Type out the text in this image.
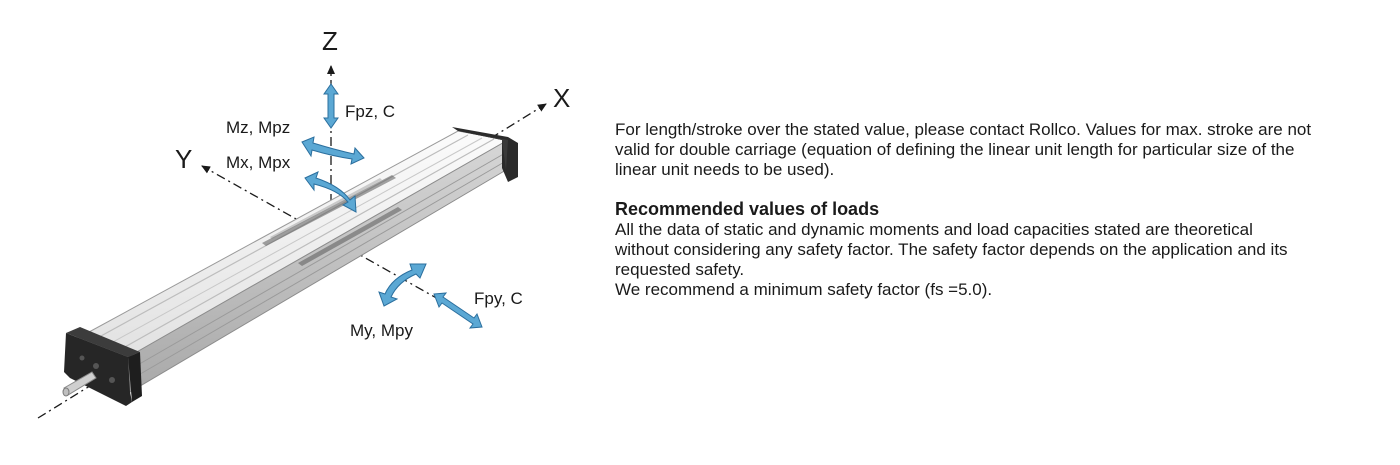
Z
X
Y
Fpz, C
Mz, Mpz
Mx, Mpx
Fpy, C
My, Mpy

For length/stroke over the stated value, please contact Rollco. Values for max. stroke are not valid for double carriage (equation of defining the linear unit length for particular size of the linear unit needs to be used).

Recommended values of loads

All the data of static and dynamic moments and load capacities stated are theoretical without considering any safety factor. The safety factor depends on the application and its requested safety.

We recommend a minimum safety factor (fs =5.0).
